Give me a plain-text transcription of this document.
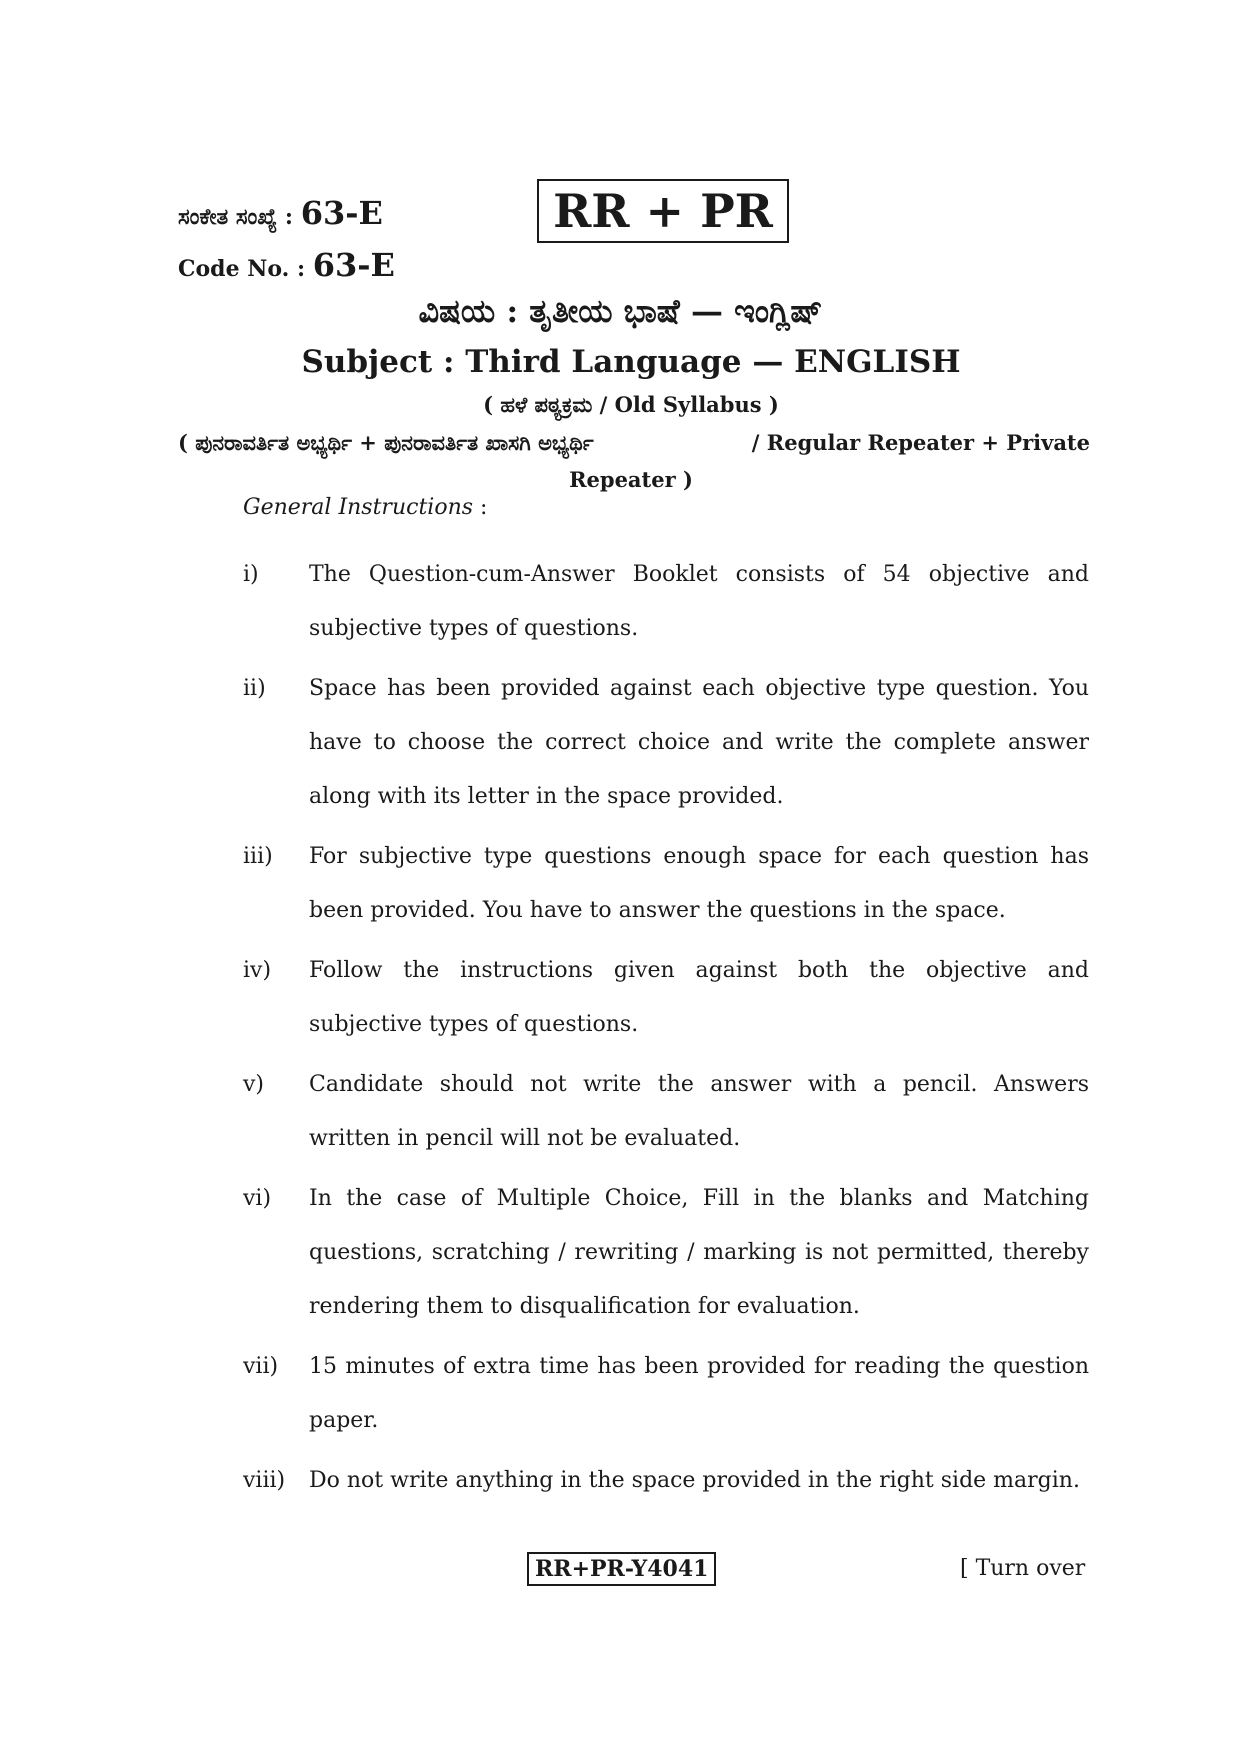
ಸಂಕೇತ ಸಂಖ್ಯೆ : 63-E	RR + PR
Code No. : 63-E
ವಿಷಯ : ತೃತೀಯ ಭಾಷೆ — ಇಂಗ್ಲಿಷ್
Subject : Third Language — ENGLISH
( ಹಳೆ ಪಠ್ಯಕ್ರಮ / Old Syllabus )
( ಪುನರಾವರ್ತಿತ ಅಭ್ಯರ್ಥಿ + ಪುನರಾವರ್ತಿತ ಖಾಸಗಿ ಅಭ್ಯರ್ಥಿ	/ Regular Repeater + Private
Repeater )
General Instructions :
i)	The Question-cum-Answer Booklet consists of 54 objective and subjective types of questions.
ii)	Space has been provided against each objective type question. You have to choose the correct choice and write the complete answer along with its letter in the space provided.
iii)	For subjective type questions enough space for each question has been provided. You have to answer the questions in the space.
iv)	Follow the instructions given against both the objective and subjective types of questions.
v)	Candidate should not write the answer with a pencil. Answers written in pencil will not be evaluated.
vi)	In the case of Multiple Choice, Fill in the blanks and Matching questions, scratching / rewriting / marking is not permitted, thereby rendering them to disqualification for evaluation.
vii)	15 minutes of extra time has been provided for reading the question paper.
viii)	Do not write anything in the space provided in the right side margin.
RR+PR-Y4041	[ Turn over
